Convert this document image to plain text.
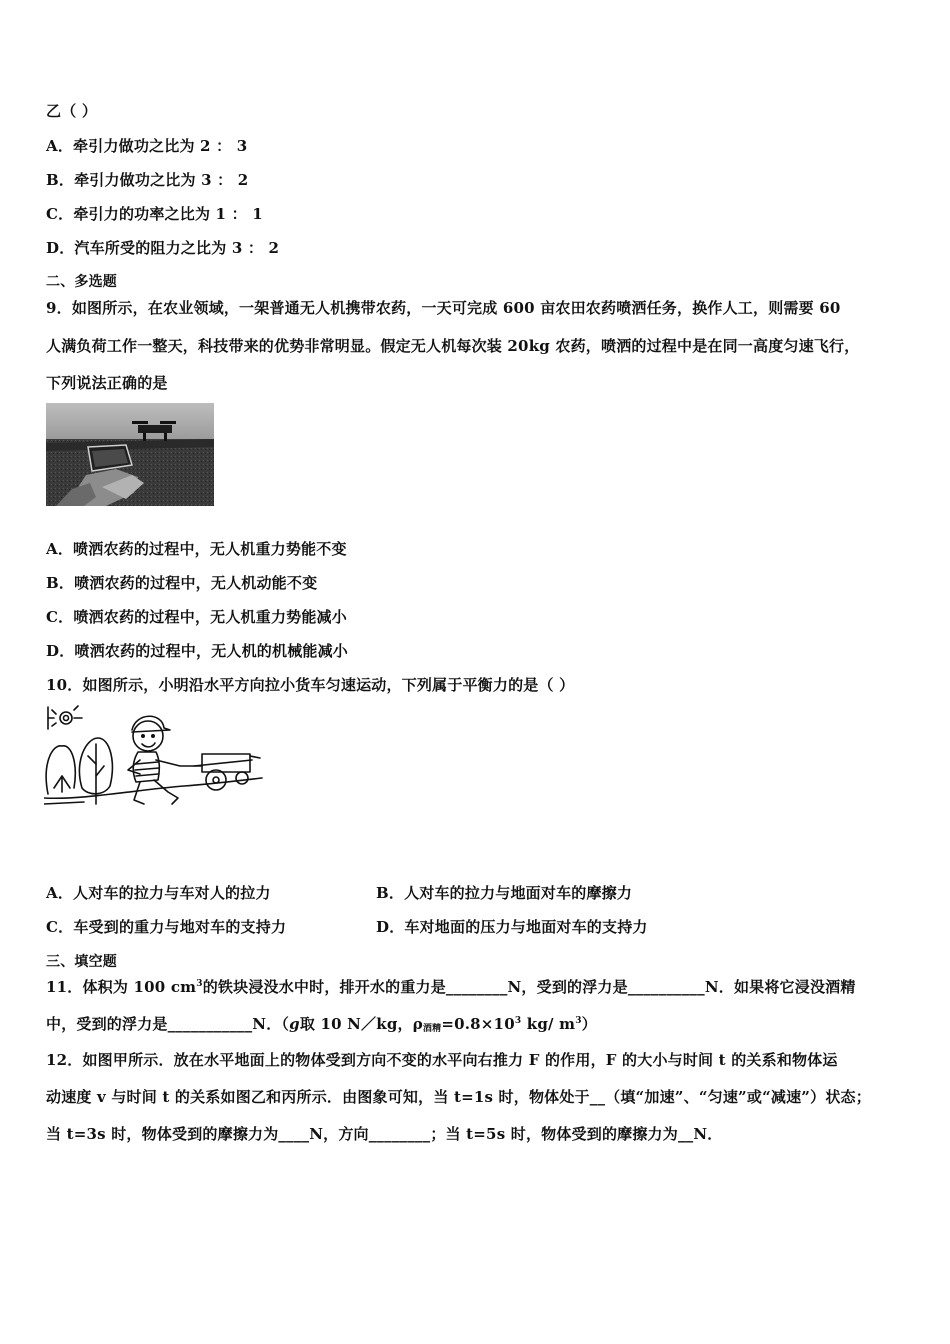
乙（ ）
A．牵引力做功之比为 2 ： 3
B．牵引力做功之比为 3 ： 2
C．牵引力的功率之比为 1 ： 1
D．汽车所受的阻力之比为 3 ： 2
二、多选题
9．如图所示，在农业领域，一架普通无人机携带农药，一天可完成 600 亩农田农药喷洒任务，换作人工，则需要 60
人满负荷工作一整天，科技带来的优势非常明显。假定无人机每次装 20kg 农药，喷洒的过程中是在同一高度匀速飞行，
下列说法正确的是
A．喷洒农药的过程中，无人机重力势能不变
B．喷洒农药的过程中，无人机动能不变
C．喷洒农药的过程中，无人机重力势能减小
D．喷洒农药的过程中，无人机的机械能减小
10．如图所示，小明沿水平方向拉小货车匀速运动，下列属于平衡力的是（ ）
A．人对车的拉力与车对人的拉力	B．人对车的拉力与地面对车的摩擦力
C．车受到的重力与地对车的支持力	D．车对地面的压力与地面对车的支持力
三、填空题
11．体积为 100 $cm^3$的铁块浸没水中时，排开水的重力是________N，受到的浮力是__________N．如果将它浸没酒精
中，受到的浮力是___________N．（g取 10 N／kg，$\rho_{酒精}=0.8\times 10^3$ kg/ $m^3$）
12．如图甲所示．放在水平地面上的物体受到方向不变的水平向右推力 F 的作用，F 的大小与时间 t 的关系和物体运
动速度 v 与时间 t 的关系如图乙和丙所示．由图象可知，当 t=1s 时，物体处于__（填“加速”、“匀速”或“减速”）状态；
当 t=3s 时，物体受到的摩擦力为____N，方向________；当 t=5s 时，物体受到的摩擦力为__N．
